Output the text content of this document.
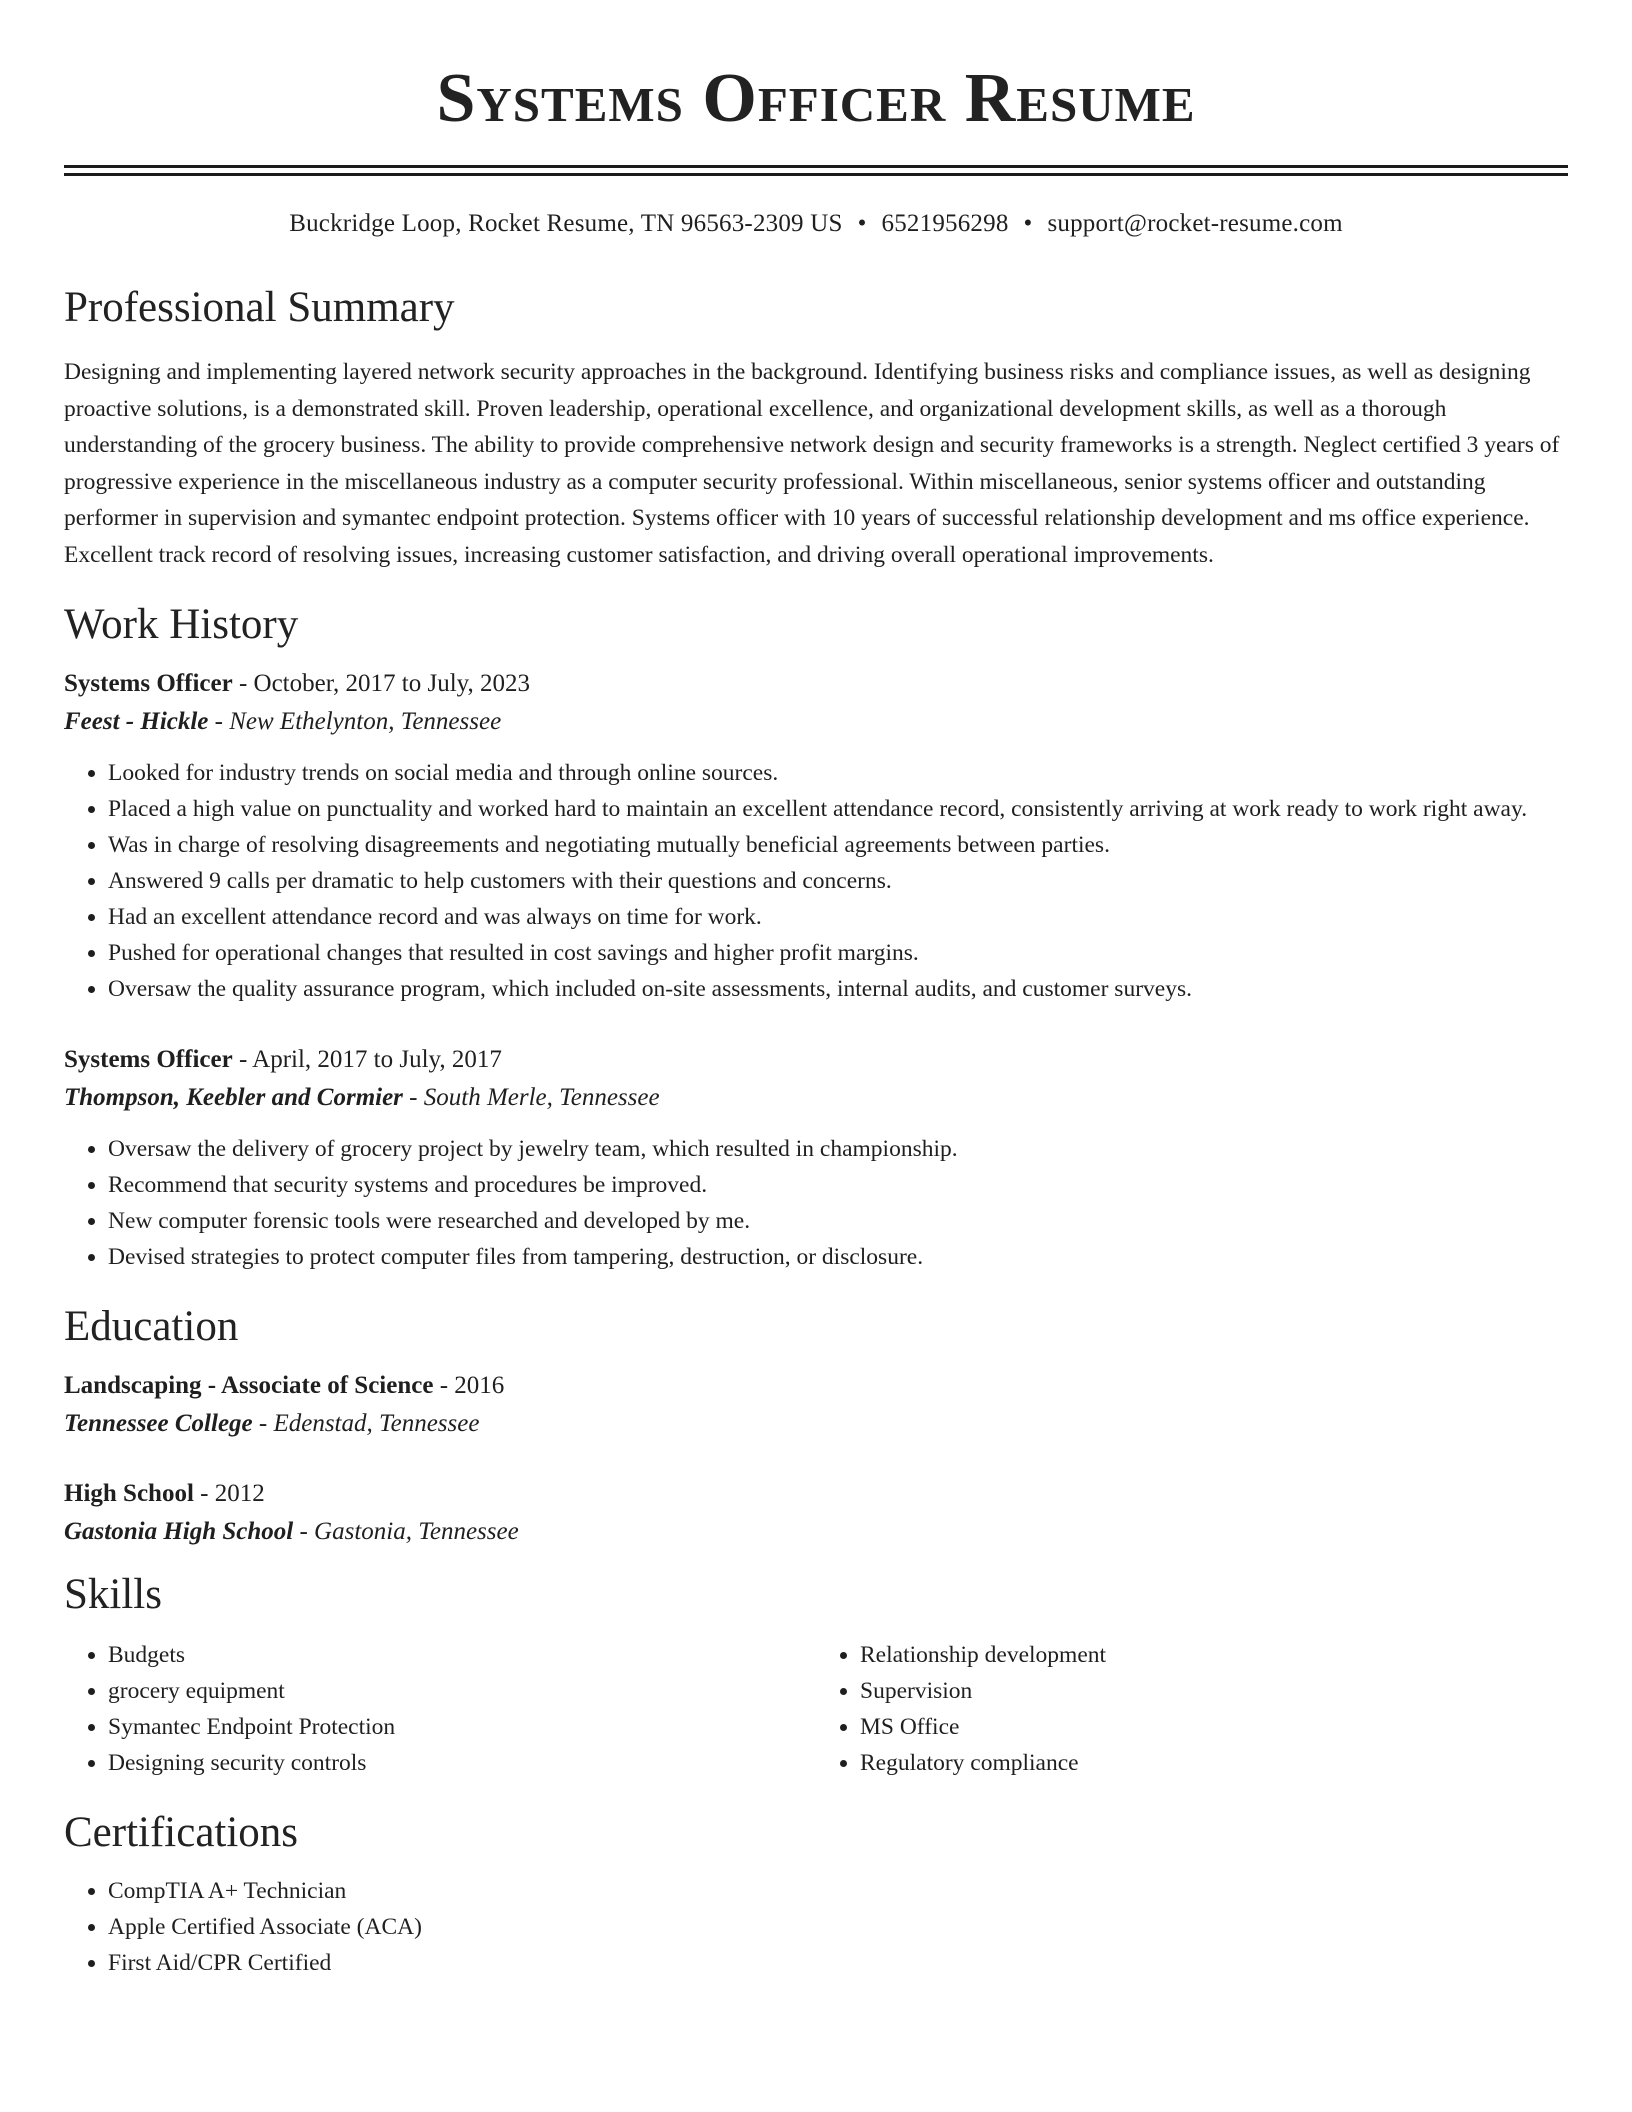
Systems Officer Resume
Buckridge Loop, Rocket Resume, TN 96563-2309 US • 6521956298 • support@rocket-resume.com
Professional Summary

Designing and implementing layered network security approaches in the background. Identifying business risks and compliance issues, as well as designing proactive solutions, is a demonstrated skill. Proven leadership, operational excellence, and organizational development skills, as well as a thorough understanding of the grocery business. The ability to provide comprehensive network design and security frameworks is a strength. Neglect certified 3 years of progressive experience in the miscellaneous industry as a computer security professional. Within miscellaneous, senior systems officer and outstanding performer in supervision and symantec endpoint protection. Systems officer with 10 years of successful relationship development and ms office experience. Excellent track record of resolving issues, increasing customer satisfaction, and driving overall operational improvements.

Work History
Systems Officer - October, 2017 to July, 2023
Feest - Hickle - New Ethelynton, Tennessee
• Looked for industry trends on social media and through online sources.
• Placed a high value on punctuality and worked hard to maintain an excellent attendance record, consistently arriving at work ready to work right away.
• Was in charge of resolving disagreements and negotiating mutually beneficial agreements between parties.
• Answered 9 calls per dramatic to help customers with their questions and concerns.
• Had an excellent attendance record and was always on time for work.
• Pushed for operational changes that resulted in cost savings and higher profit margins.
• Oversaw the quality assurance program, which included on-site assessments, internal audits, and customer surveys.
Systems Officer - April, 2017 to July, 2017
Thompson, Keebler and Cormier - South Merle, Tennessee
• Oversaw the delivery of grocery project by jewelry team, which resulted in championship.
• Recommend that security systems and procedures be improved.
• New computer forensic tools were researched and developed by me.
• Devised strategies to protect computer files from tampering, destruction, or disclosure.
Education
Landscaping - Associate of Science - 2016
Tennessee College - Edenstad, Tennessee
High School - 2012
Gastonia High School - Gastonia, Tennessee
Skills
• Budgets
• grocery equipment
• Symantec Endpoint Protection
• Designing security controls
• Relationship development
• Supervision
• MS Office
• Regulatory compliance
Certifications
• CompTIA A+ Technician
• Apple Certified Associate (ACA)
• First Aid/CPR Certified
